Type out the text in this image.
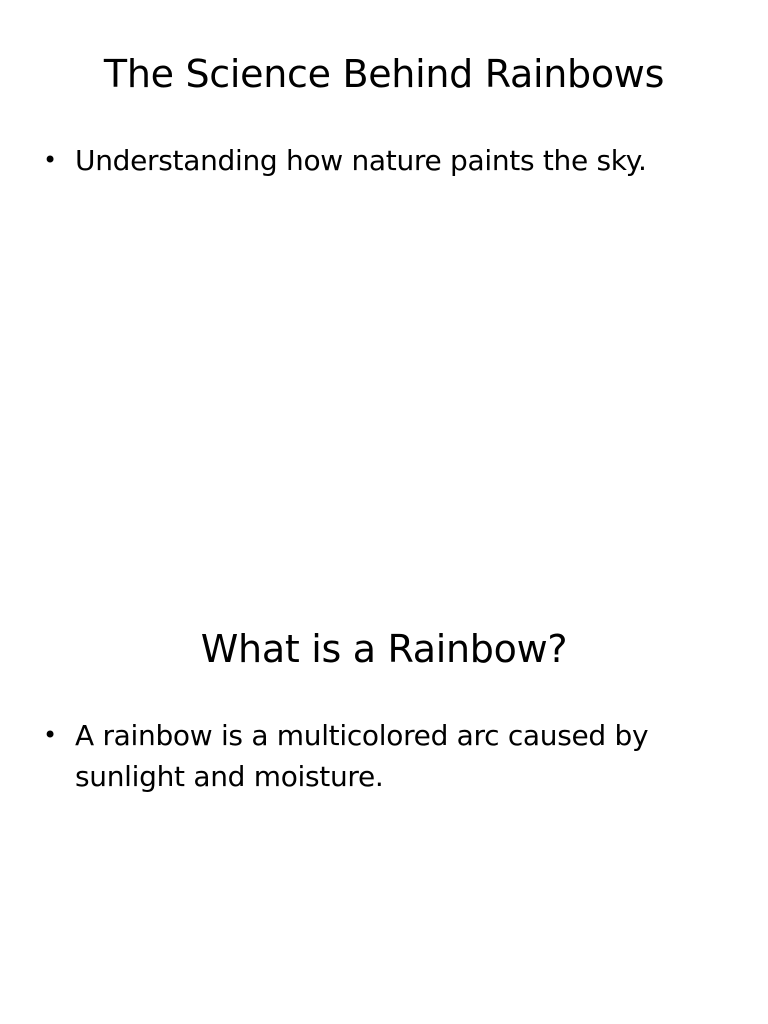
The Science Behind Rainbows
• Understanding how nature paints the sky.
What is a Rainbow?
• A rainbow is a multicolored arc caused by sunlight and moisture.
